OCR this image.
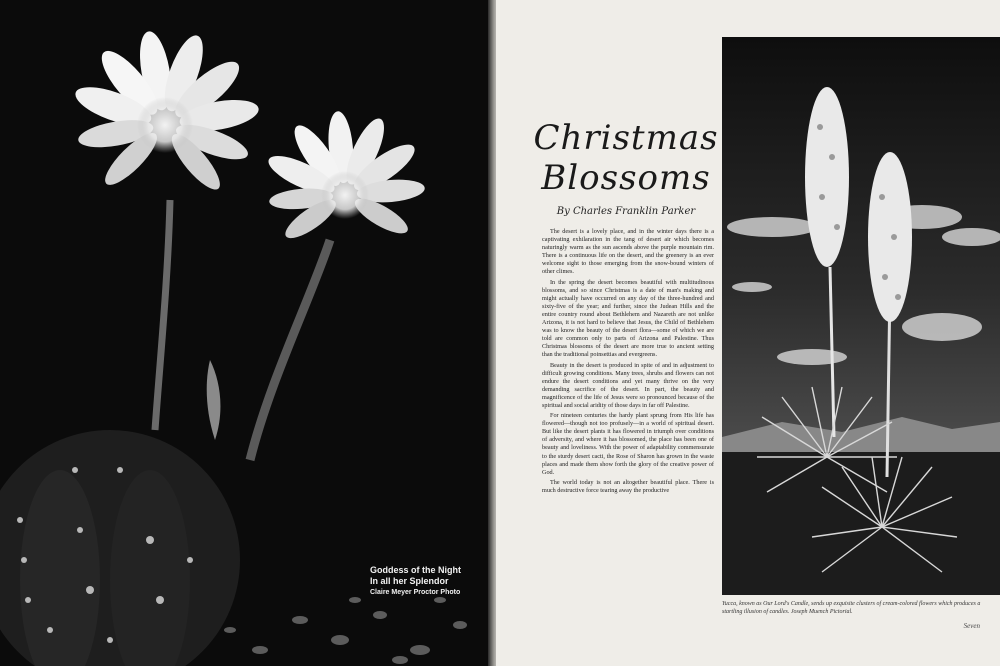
Goddess of the Night
In all her Splendor

Claire Meyer Proctor Photo
Christmas
Blossoms
By Charles Franklin Parker

The desert is a lovely place, and in the winter days there is a captivating exhilaration in the tang of desert air which becomes naturingly warm as the sun ascends above the purple mountain rim. There is a continuous life on the desert, and the greenery is an ever welcome sight to those emerging from the snow-bound winters of other climes.

In the spring the desert becomes beautiful with multitudinous blossoms, and so since Christmas is a date of man's making and might actually have occurred on any day of the three-hundred and sixty-five of the year; and further, since the Judean Hills and the entire country round about Bethlehem and Nazareth are not unlike Arizona, it is not hard to believe that Jesus, the Child of Bethlehem was to know the beauty of the desert flora—some of which we are told are common only to parts of Arizona and Palestine. Thus Christmas blossoms of the desert are more true to ancient setting than the traditional poinsettias and evergreens.

Beauty in the desert is produced in spite of and in adjustment to difficult growing conditions. Many trees, shrubs and flowers can not endure the desert conditions and yet many thrive on the very demanding sacrifice of the desert. In part, the beauty and magnificence of the life of Jesus were so pronounced because of the spiritual and social aridity of those days in far off Palestine.

For nineteen centuries the hardy plant sprung from His life has flowered—though not too profusely—in a world of spiritual desert. But like the desert plants it has flowered in triumph over conditions of adversity, and where it has blossomed, the place has been one of beauty and loveliness. With the power of adaptability commensurate to the sturdy desert cacti, the Rose of Sharon has grown in the waste places and made them show forth the glory of the creative power of God.

The world today is not an altogether beautiful place. There is much destructive force tearing away the productive

Yucca, known as Our Lord's Candle, sends up exquisite clusters of cream-colored flowers which produces a startling illusion of candles. Joseph Muench Pictorial.
Seven
